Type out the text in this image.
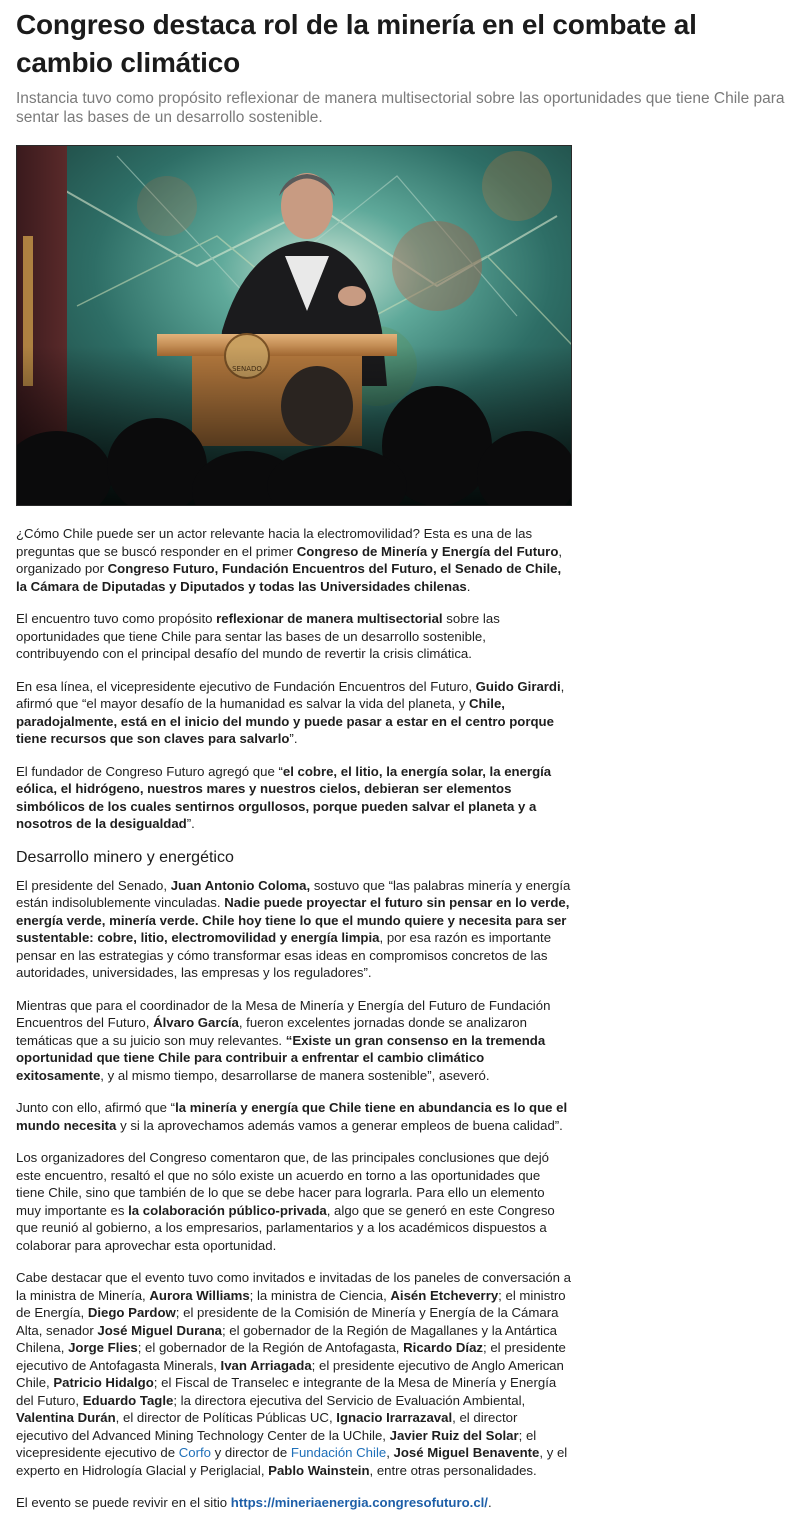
Congreso destaca rol de la minería en el combate al cambio climático

Instancia tuvo como propósito reflexionar de manera multisectorial sobre las oportunidades que tiene Chile para sentar las bases de un desarrollo sostenible.

¿Cómo Chile puede ser un actor relevante hacia la electromovilidad? Esta es una de las preguntas que se buscó responder en el primer Congreso de Minería y Energía del Futuro, organizado por Congreso Futuro, Fundación Encuentros del Futuro, el Senado de Chile, la Cámara de Diputadas y Diputados y todas las Universidades chilenas.

El encuentro tuvo como propósito reflexionar de manera multisectorial sobre las oportunidades que tiene Chile para sentar las bases de un desarrollo sostenible, contribuyendo con el principal desafío del mundo de revertir la crisis climática.

En esa línea, el vicepresidente ejecutivo de Fundación Encuentros del Futuro, Guido Girardi, afirmó que “el mayor desafío de la humanidad es salvar la vida del planeta, y Chile, paradojalmente, está en el inicio del mundo y puede pasar a estar en el centro porque tiene recursos que son claves para salvarlo”.

El fundador de Congreso Futuro agregó que “el cobre, el litio, la energía solar, la energía eólica, el hidrógeno, nuestros mares y nuestros cielos, debieran ser elementos simbólicos de los cuales sentirnos orgullosos, porque pueden salvar el planeta y a nosotros de la desigualdad”.

Desarrollo minero y energético

El presidente del Senado, Juan Antonio Coloma, sostuvo que “las palabras minería y energía están indisolublemente vinculadas. Nadie puede proyectar el futuro sin pensar en lo verde, energía verde, minería verde. Chile hoy tiene lo que el mundo quiere y necesita para ser sustentable: cobre, litio, electromovilidad y energía limpia, por esa razón es importante pensar en las estrategias y cómo transformar esas ideas en compromisos concretos de las autoridades, universidades, las empresas y los reguladores”.

Mientras que para el coordinador de la Mesa de Minería y Energía del Futuro de Fundación Encuentros del Futuro, Álvaro García, fueron excelentes jornadas donde se analizaron temáticas que a su juicio son muy relevantes. “Existe un gran consenso en la tremenda oportunidad que tiene Chile para contribuir a enfrentar el cambio climático exitosamente, y al mismo tiempo, desarrollarse de manera sostenible”, aseveró.

Junto con ello, afirmó que “la minería y energía que Chile tiene en abundancia es lo que el mundo necesita y si la aprovechamos además vamos a generar empleos de buena calidad”.

Los organizadores del Congreso comentaron que, de las principales conclusiones que dejó este encuentro, resaltó el que no sólo existe un acuerdo en torno a las oportunidades que tiene Chile, sino que también de lo que se debe hacer para lograrla. Para ello un elemento muy importante es la colaboración público-privada, algo que se generó en este Congreso que reunió al gobierno, a los empresarios, parlamentarios y a los académicos dispuestos a colaborar para aprovechar esta oportunidad.

Cabe destacar que el evento tuvo como invitados e invitadas de los paneles de conversación a la ministra de Minería, Aurora Williams; la ministra de Ciencia, Aisén Etcheverry; el ministro de Energía, Diego Pardow; el presidente de la Comisión de Minería y Energía de la Cámara Alta, senador José Miguel Durana; el gobernador de la Región de Magallanes y la Antártica Chilena, Jorge Flies; el gobernador de la Región de Antofagasta, Ricardo Díaz; el presidente ejecutivo de Antofagasta Minerals, Ivan Arriagada; el presidente ejecutivo de Anglo American Chile, Patricio Hidalgo; el Fiscal de Transelec e integrante de la Mesa de Minería y Energía del Futuro, Eduardo Tagle; la directora ejecutiva del Servicio de Evaluación Ambiental, Valentina Durán, el director de Políticas Públicas UC, Ignacio Irarrazaval, el director ejecutivo del Advanced Mining Technology Center de la UChile, Javier Ruiz del Solar; el vicepresidente ejecutivo de Corfo y director de Fundación Chile, José Miguel Benavente, y el experto en Hidrología Glacial y Periglacial, Pablo Wainstein, entre otras personalidades.

El evento se puede revivir en el sitio https://mineriaenergia.congresofuturo.cl/.
